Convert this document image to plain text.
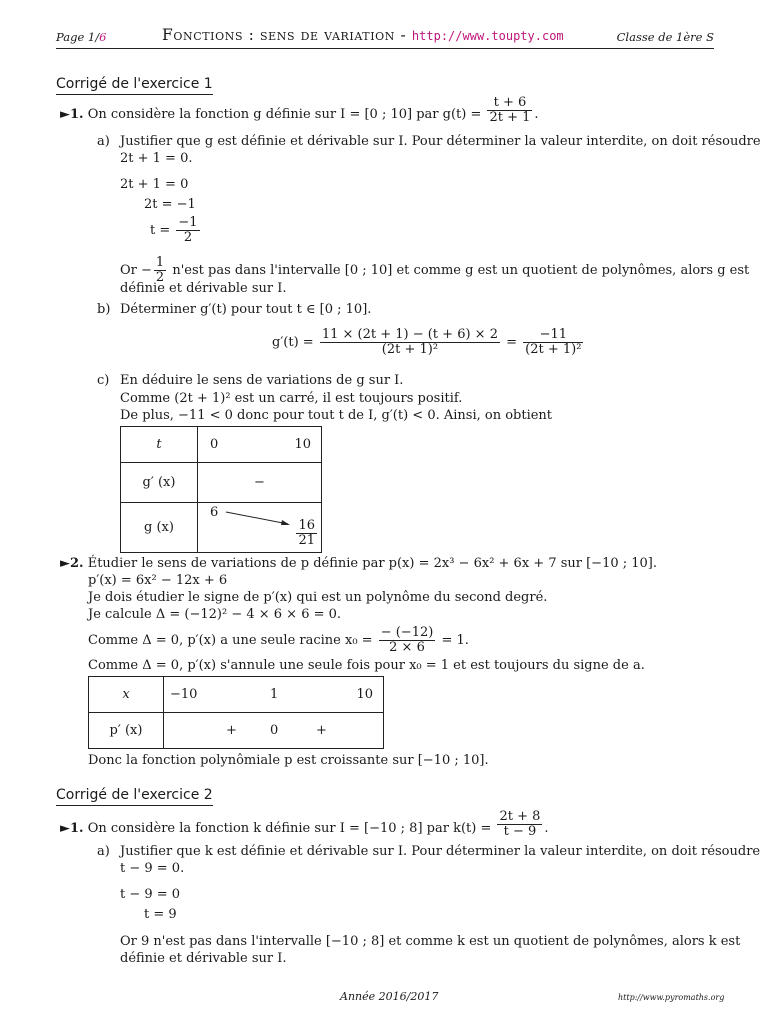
Page 1/6	Fonctions : sens de variation - http://www.toupty.com	Classe de 1ère S
Corrigé de l'exercice 1
►1. On considère la fonction g définie sur I = [0 ; 10] par $g(t) = \frac{t + 6}{2t + 1}$ .
a) Justifier que g est définie et dérivable sur I. Pour déterminer la valeur interdite, on doit résoudre
2t + 1 = 0.
2t + 1 = 0
2t = −1
$t = \frac{-1}{2}$
$Or - \frac{1}{2} n'est$ pas dans l'intervalle [0 ; 10] et comme g est un quotient de polynômes, alors g est
définie et dérivable sur I.
b) Déterminer g′(t) pour tout t ∈ [0 ; 10].
$g'(t) = \frac{11 \times (2t + 1) - (t + 6) \times 2}{\text{(2t + 1)²}} = \frac{-11}{\text{(2t + 1)²}}$
c) En déduire le sens de variations de g sur I.
Comme (2t + 1)² est un carré, il est toujours positif.
De plus, −11 < 0 donc pour tout t de I, g′(t) < 0. Ainsi, on obtient
t	0 10

g′ (x)	−
g (x)	6
$\frac{16}{21}$
►2. Étudier le sens de variations de p définie par p(x) = 2x³ − 6x² + 6x + 7 sur [−10 ; 10].
p′(x) = 6x² − 12x + 6
Je dois étudier le signe de p′(x) qui est un polynôme du second degré.
Je calcule Δ = (−12)² − 4 × 6 × 6 = 0.
Comme Δ = 0, p′(x) a une seule racine $x_0 = \frac{- (-12)}{2 \times 6} = 1$.
Comme Δ = 0, p′(x) s'annule une seule fois pour x₀ = 1 et est toujours du signe de a.
x	−10 1 10

p′ (x)	+ 0 +
Donc la fonction polynômiale p est croissante sur [−10 ; 10].
Corrigé de l'exercice 2
►1. On considère la fonction k définie sur I = [−10 ; 8] par $k(t) = \frac{2t + 8}{t - 9}$ .
a) Justifier que k est définie et dérivable sur I. Pour déterminer la valeur interdite, on doit résoudre
t − 9 = 0.
t − 9 = 0
t = 9
Or 9 n'est pas dans l'intervalle [−10 ; 8] et comme k est un quotient de polynômes, alors k est
définie et dérivable sur I.
Année 2016/2017	http://www.pyromaths.org
